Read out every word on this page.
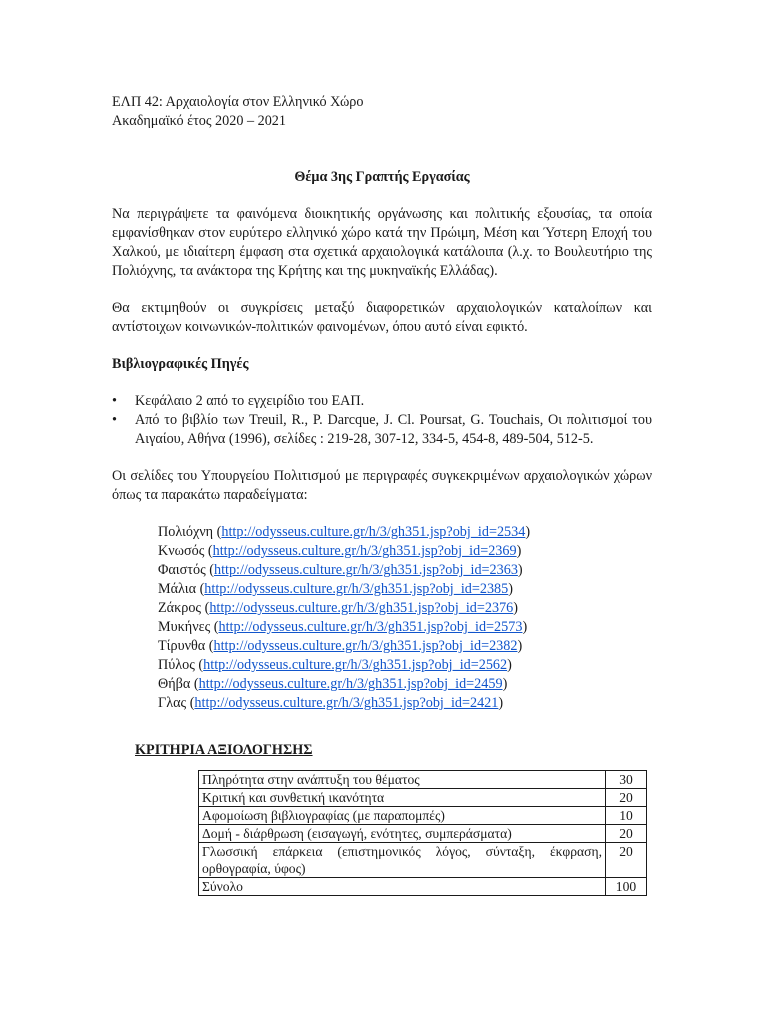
ΕΛΠ 42: Αρχαιολογία στον Ελληνικό Χώρο

Ακαδημαϊκό έτος 2020 – 2021

Θέμα 3ης Γραπτής Εργασίας

Να περιγράψετε τα φαινόμενα διοικητικής οργάνωσης και πολιτικής εξουσίας, τα οποία εμφανίσθηκαν στον ευρύτερο ελληνικό χώρο κατά την Πρώιμη, Μέση και Ύστερη Εποχή του Χαλκού, με ιδιαίτερη έμφαση στα σχετικά αρχαιολογικά κατάλοιπα (λ.χ. το Βουλευτήριο της Πολιόχνης, τα ανάκτορα της Κρήτης και της μυκηναϊκής Ελλάδας).

Θα εκτιμηθούν οι συγκρίσεις μεταξύ διαφορετικών αρχαιολογικών καταλοίπων και αντίστοιχων κοινωνικών-πολιτικών φαινομένων, όπου αυτό είναι εφικτό.

Βιβλιογραφικές Πηγές

• Κεφάλαιο 2 από το εγχειρίδιο του ΕΑΠ.
• Από το βιβλίο των Treuil, R., P. Darcque, J. Cl. Poursat, G. Touchais, Οι πολιτισμοί του Αιγαίου, Αθήνα (1996), σελίδες : 219-28, 307-12, 334-5, 454-8, 489-504, 512-5.

Οι σελίδες του Υπουργείου Πολιτισμού με περιγραφές συγκεκριμένων αρχαιολογικών χώρων όπως τα παρακάτω παραδείγματα:

Πολιόχνη (http://odysseus.culture.gr/h/3/gh351.jsp?obj_id=2534)

Κνωσός (http://odysseus.culture.gr/h/3/gh351.jsp?obj_id=2369)

Φαιστός (http://odysseus.culture.gr/h/3/gh351.jsp?obj_id=2363)

Μάλια (http://odysseus.culture.gr/h/3/gh351.jsp?obj_id=2385)

Ζάκρος (http://odysseus.culture.gr/h/3/gh351.jsp?obj_id=2376)

Μυκήνες (http://odysseus.culture.gr/h/3/gh351.jsp?obj_id=2573)

Τίρυνθα (http://odysseus.culture.gr/h/3/gh351.jsp?obj_id=2382)

Πύλος (http://odysseus.culture.gr/h/3/gh351.jsp?obj_id=2562)

Θήβα (http://odysseus.culture.gr/h/3/gh351.jsp?obj_id=2459)

Γλας (http://odysseus.culture.gr/h/3/gh351.jsp?obj_id=2421)

ΚΡΙΤΗΡΙΑ ΑΞΙΟΛΟΓΗΣΗΣ

Πληρότητα στην ανάπτυξη του θέματος	30
Κριτική και συνθετική ικανότητα	20
Αφομοίωση βιβλιογραφίας (με παραπομπές)	10
Δομή - διάρθρωση (εισαγωγή, ενότητες, συμπεράσματα)	20
Γλωσσική επάρκεια (επιστημονικός λόγος, σύνταξη, έκφραση, ορθογραφία, ύφος)	20
Σύνολο	100
